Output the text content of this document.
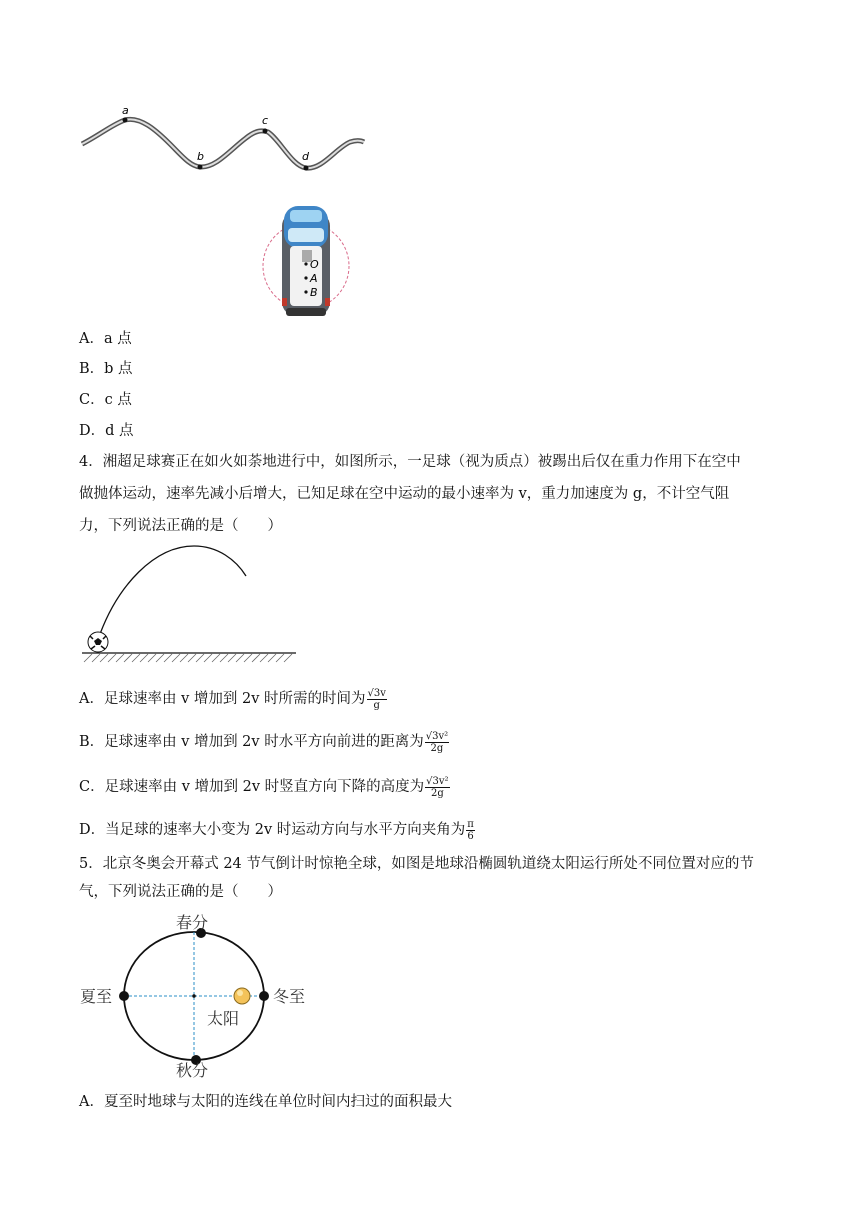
a
b
c
d
O
A
B
A．a 点
B．b 点
C．c 点
D．d 点
4．湘超足球赛正在如火如荼地进行中，如图所示，一足球（视为质点）被踢出后仅在重力作用下在空中
做抛体运动，速率先减小后增大，已知足球在空中运动的最小速率为 v，重力加速度为 g，不计空气阻
力，下列说法正确的是（　　）
A．足球速率由 v 增加到 2v 时所需的时间为 $\frac{√3v}{g}$
B．足球速率由 v 增加到 2v 时水平方向前进的距离为 $\frac{\text{√3v²}}{2g}$
C．足球速率由 v 增加到 2v 时竖直方向下降的高度为 $\frac{\text{√3v²}}{2g}$
D．当足球的速率大小变为 2v 时运动方向与水平方向夹角为 $\frac{\pi}{6}$
5．北京冬奥会开幕式 24 节气倒计时惊艳全球，如图是地球沿椭圆轨道绕太阳运行所处不同位置对应的节
气，下列说法正确的是（　　）
春分
夏至	冬至
太阳
秋分
A．夏至时地球与太阳的连线在单位时间内扫过的面积最大
